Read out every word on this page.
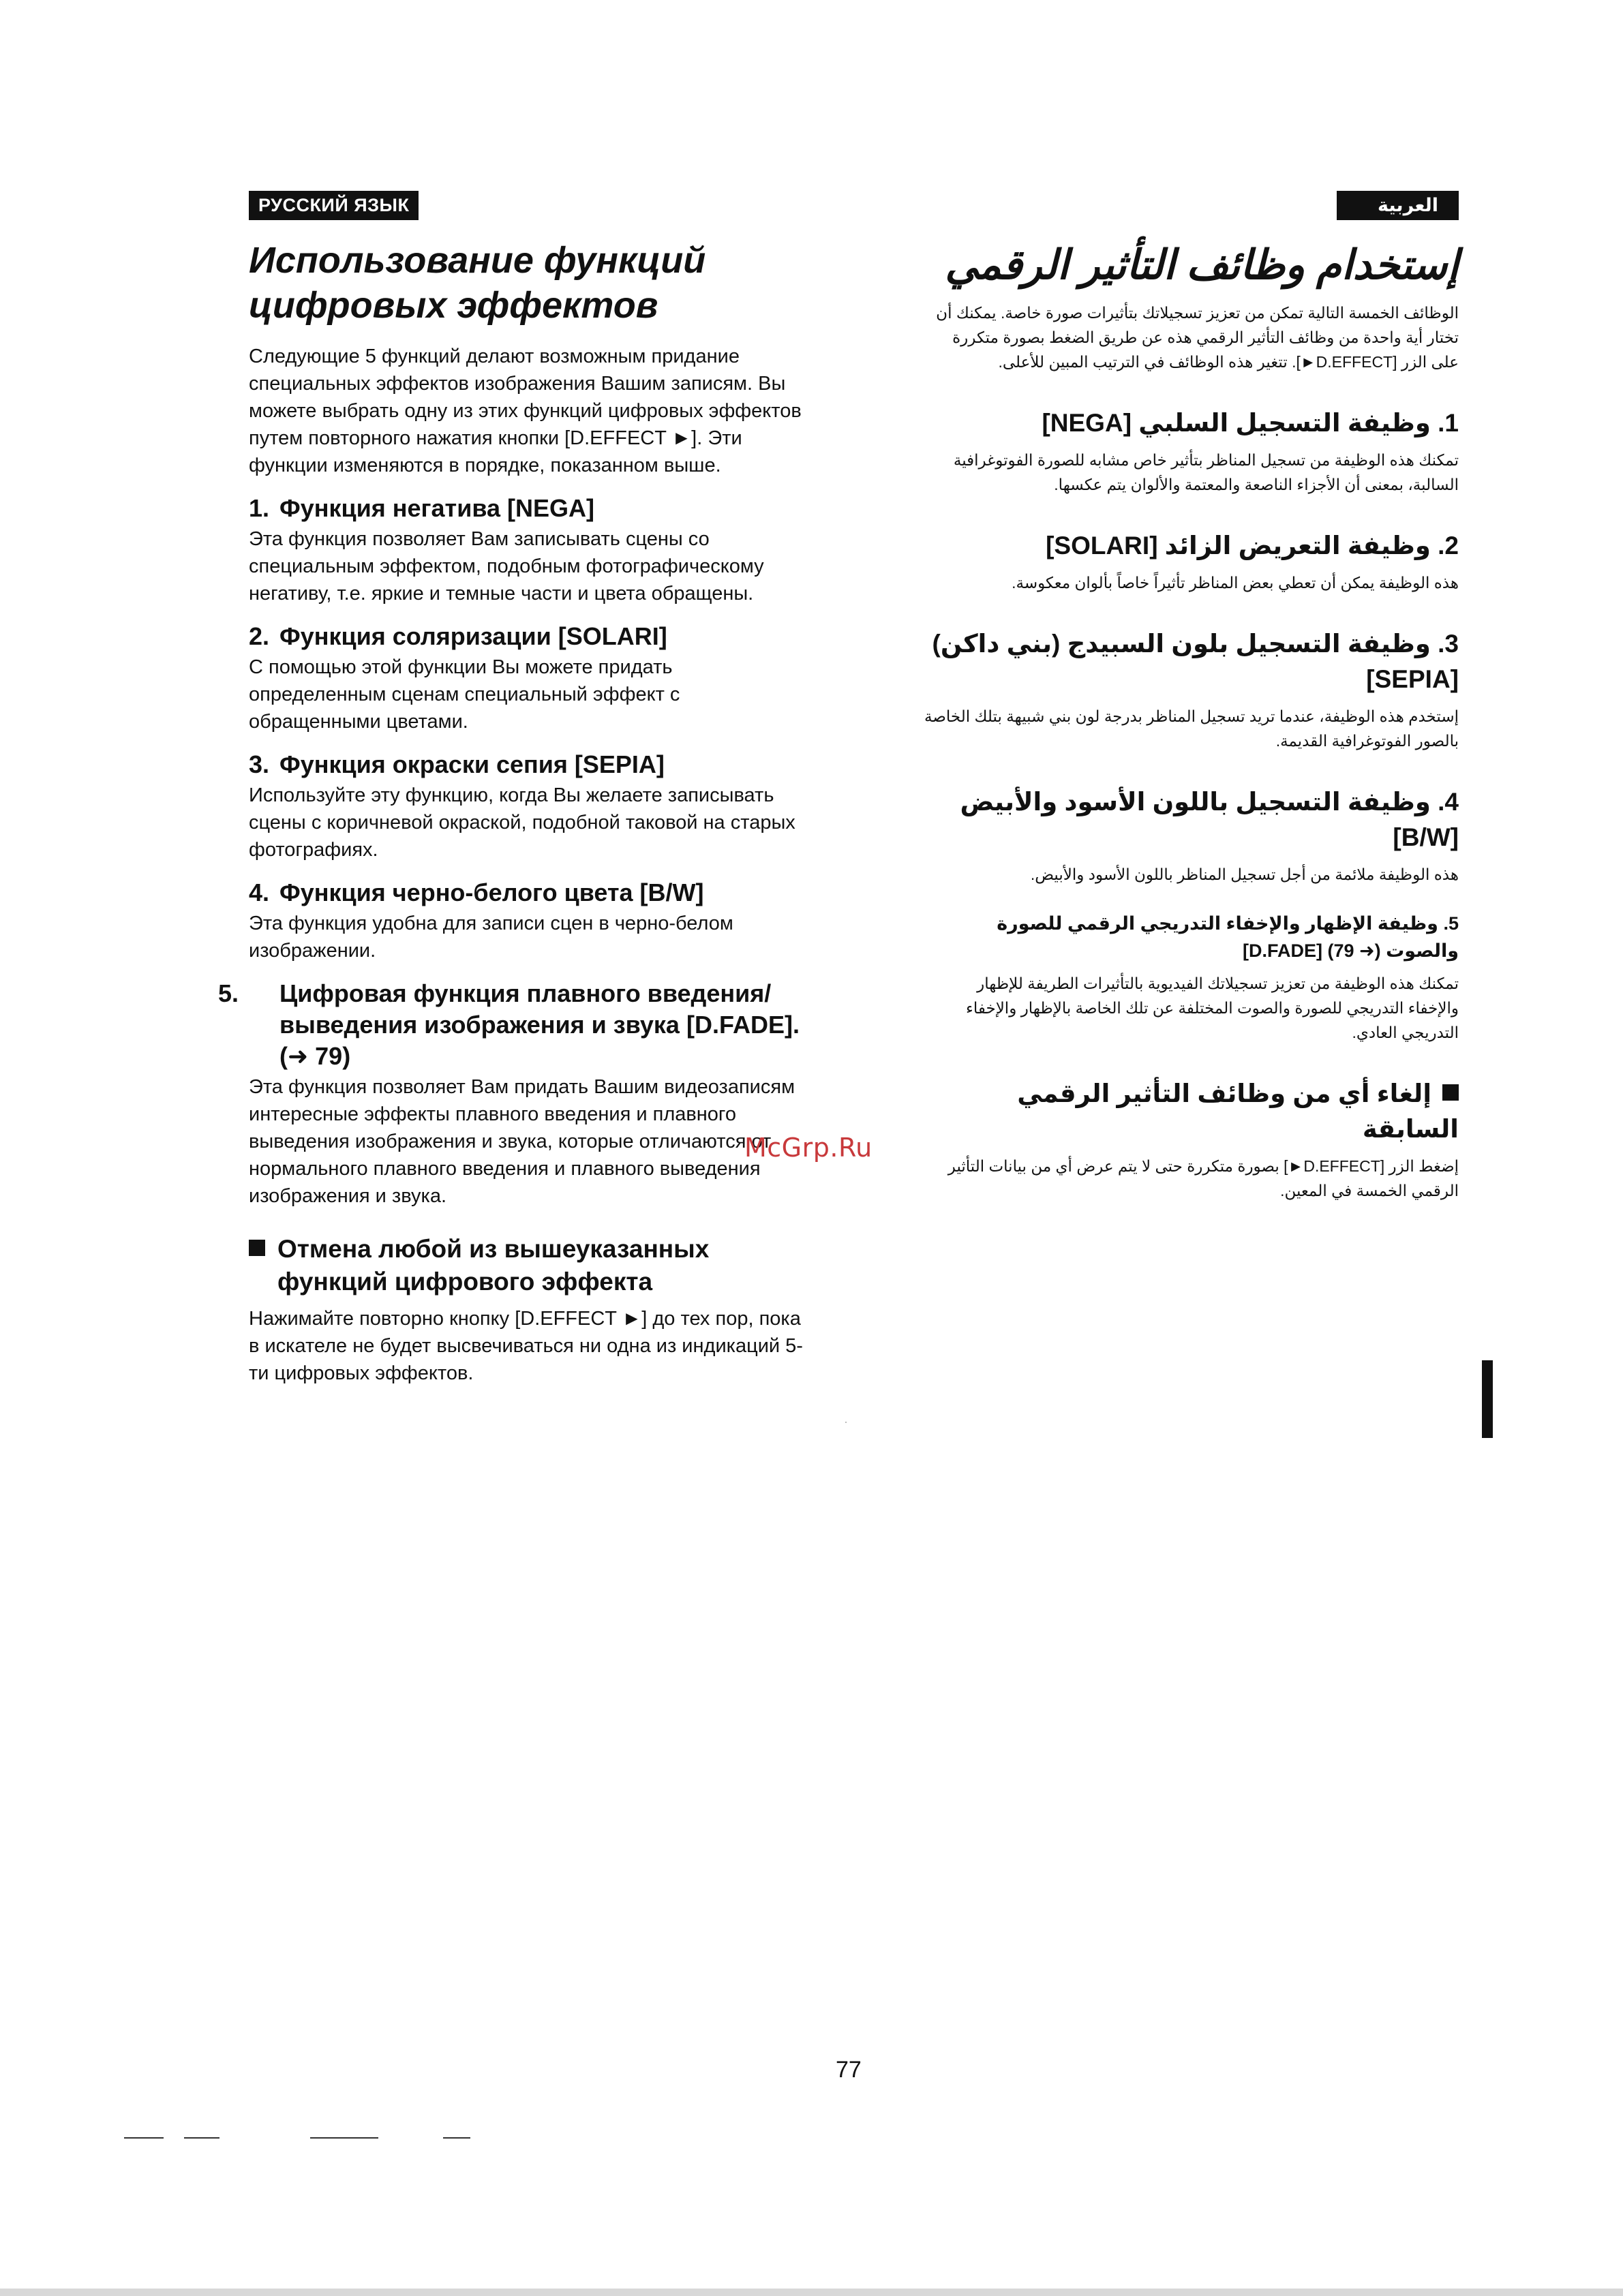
РУССКИЙ ЯЗЫК
Использование функций цифровых эффектов

Следующие 5 функций делают возможным придание специальных эффектов изображения Вашим записям. Вы можете выбрать одну из этих функций цифровых эффектов путем повторного нажатия кнопки [D.EFFECT ►]. Эти функции изменяются в порядке, показанном выше.

1. Функция негатива [NEGA]

Эта функция позволяет Вам записывать сцены со специальным эффектом, подобным фотографическому негативу, т.е. яркие и темные части и цвета обращены.

2. Функция соляризации [SOLARI]

С помощью этой функции Вы можете придать определенным сценам специальный эффект с обращенными цветами.

3. Функция окраски сепия [SEPIA]

Используйте эту функцию, когда Вы желаете записывать сцены с коричневой окраской, подобной таковой на старых фотографиях.

4. Функция черно-белого цвета [B/W]

Эта функция удобна для записи сцен в черно-белом изображении.

5. Цифровая функция плавного введения/выведения изображения и звука [D.FADE]. (➜ 79)

Эта функция позволяет Вам придать Вашим видеозаписям интересные эффекты плавного введения и плавного выведения изображения и звука, которые отличаются от нормального плавного введения и плавного выведения изображения и звука.

Отмена любой из вышеуказанных функций цифрового эффекта

Нажимайте повторно кнопку [D.EFFECT ►] до тех пор, пока в искателе не будет высвечиваться ни одна из индикаций 5-ти цифровых эффектов.

العربية
إستخدام وظائف التأثير الرقمي

الوظائف الخمسة التالية تمكن من تعزيز تسجيلاتك بتأثيرات صورة خاصة. يمكنك أن تختار أية واحدة من وظائف التأثير الرقمي هذه عن طريق الضغط بصورة متكررة على الزر [D.EFFECT►]. تتغير هذه الوظائف في الترتيب المبين للأعلى.

1. وظيفة التسجيل السلبي [NEGA]

تمكنك هذه الوظيفة من تسجيل المناظر بتأثير خاص مشابه للصورة الفوتوغرافية السالبة، بمعنى أن الأجزاء الناصعة والمعتمة والألوان يتم عكسها.

2. وظيفة التعريض الزائد [SOLARI]

هذه الوظيفة يمكن أن تعطي بعض المناظر تأثيراً خاصاً بألوان معكوسة.

3. وظيفة التسجيل بلون السبيدج (بني داكن) [SEPIA]

إستخدم هذه الوظيفة، عندما تريد تسجيل المناظر بدرجة لون بني شبيهة بتلك الخاصة بالصور الفوتوغرافية القديمة.

4. وظيفة التسجيل باللون الأسود والأبيض [B/W]

هذه الوظيفة ملائمة من أجل تسجيل المناظر باللون الأسود والأبيض.

5. وظيفة الإظهار والإخفاء التدريجي الرقمي للصورة والصوت (➜ 79) [D.FADE]

تمكنك هذه الوظيفة من تعزيز تسجيلاتك الفيديوية بالتأثيرات الطريفة للإظهار والإخفاء التدريجي للصورة والصوت المختلفة عن تلك الخاصة بالإظهار والإخفاء التدريجي العادي.

إلغاء أي من وظائف التأثير الرقمي السابقة

إضغط الزر [D.EFFECT►] بصورة متكررة حتى لا يتم عرض أي من بيانات التأثير الرقمي الخمسة في المعين.

McGrp.Ru
77
